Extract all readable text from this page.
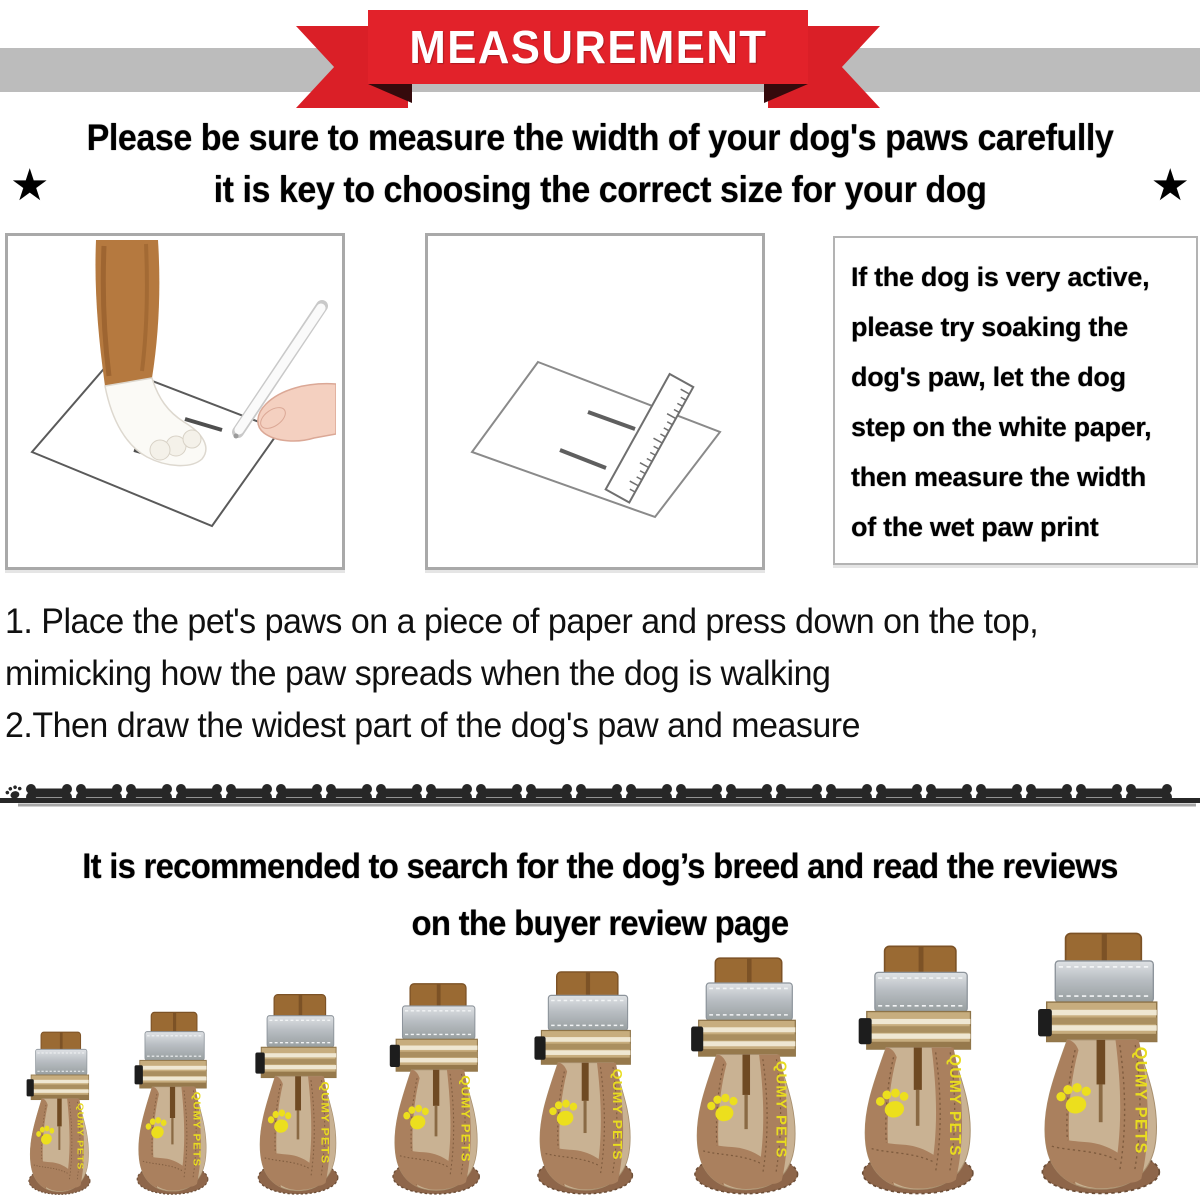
MEASUREMENT
Please be sure to measure the width of your dog's paws carefully
it is key to choosing the correct size for your dog
★	★
If the dog is very active,
please try soaking the
dog's paw, let the dog
step on the white paper,
then measure the width
of the wet paw print
1. Place the pet's paws on a piece of paper and press down on the top,
mimicking how the paw spreads when the dog is walking
2.Then draw the widest part of the dog's paw and measure
It is recommended to search for the dog’s breed and read the reviews
on the buyer review page
QUMY PETS	QUMY PETS	QUMY PETS	QUMY PETS	QUMY PETS	QUMY PETS	QUMY PETS	QUMY PETS
